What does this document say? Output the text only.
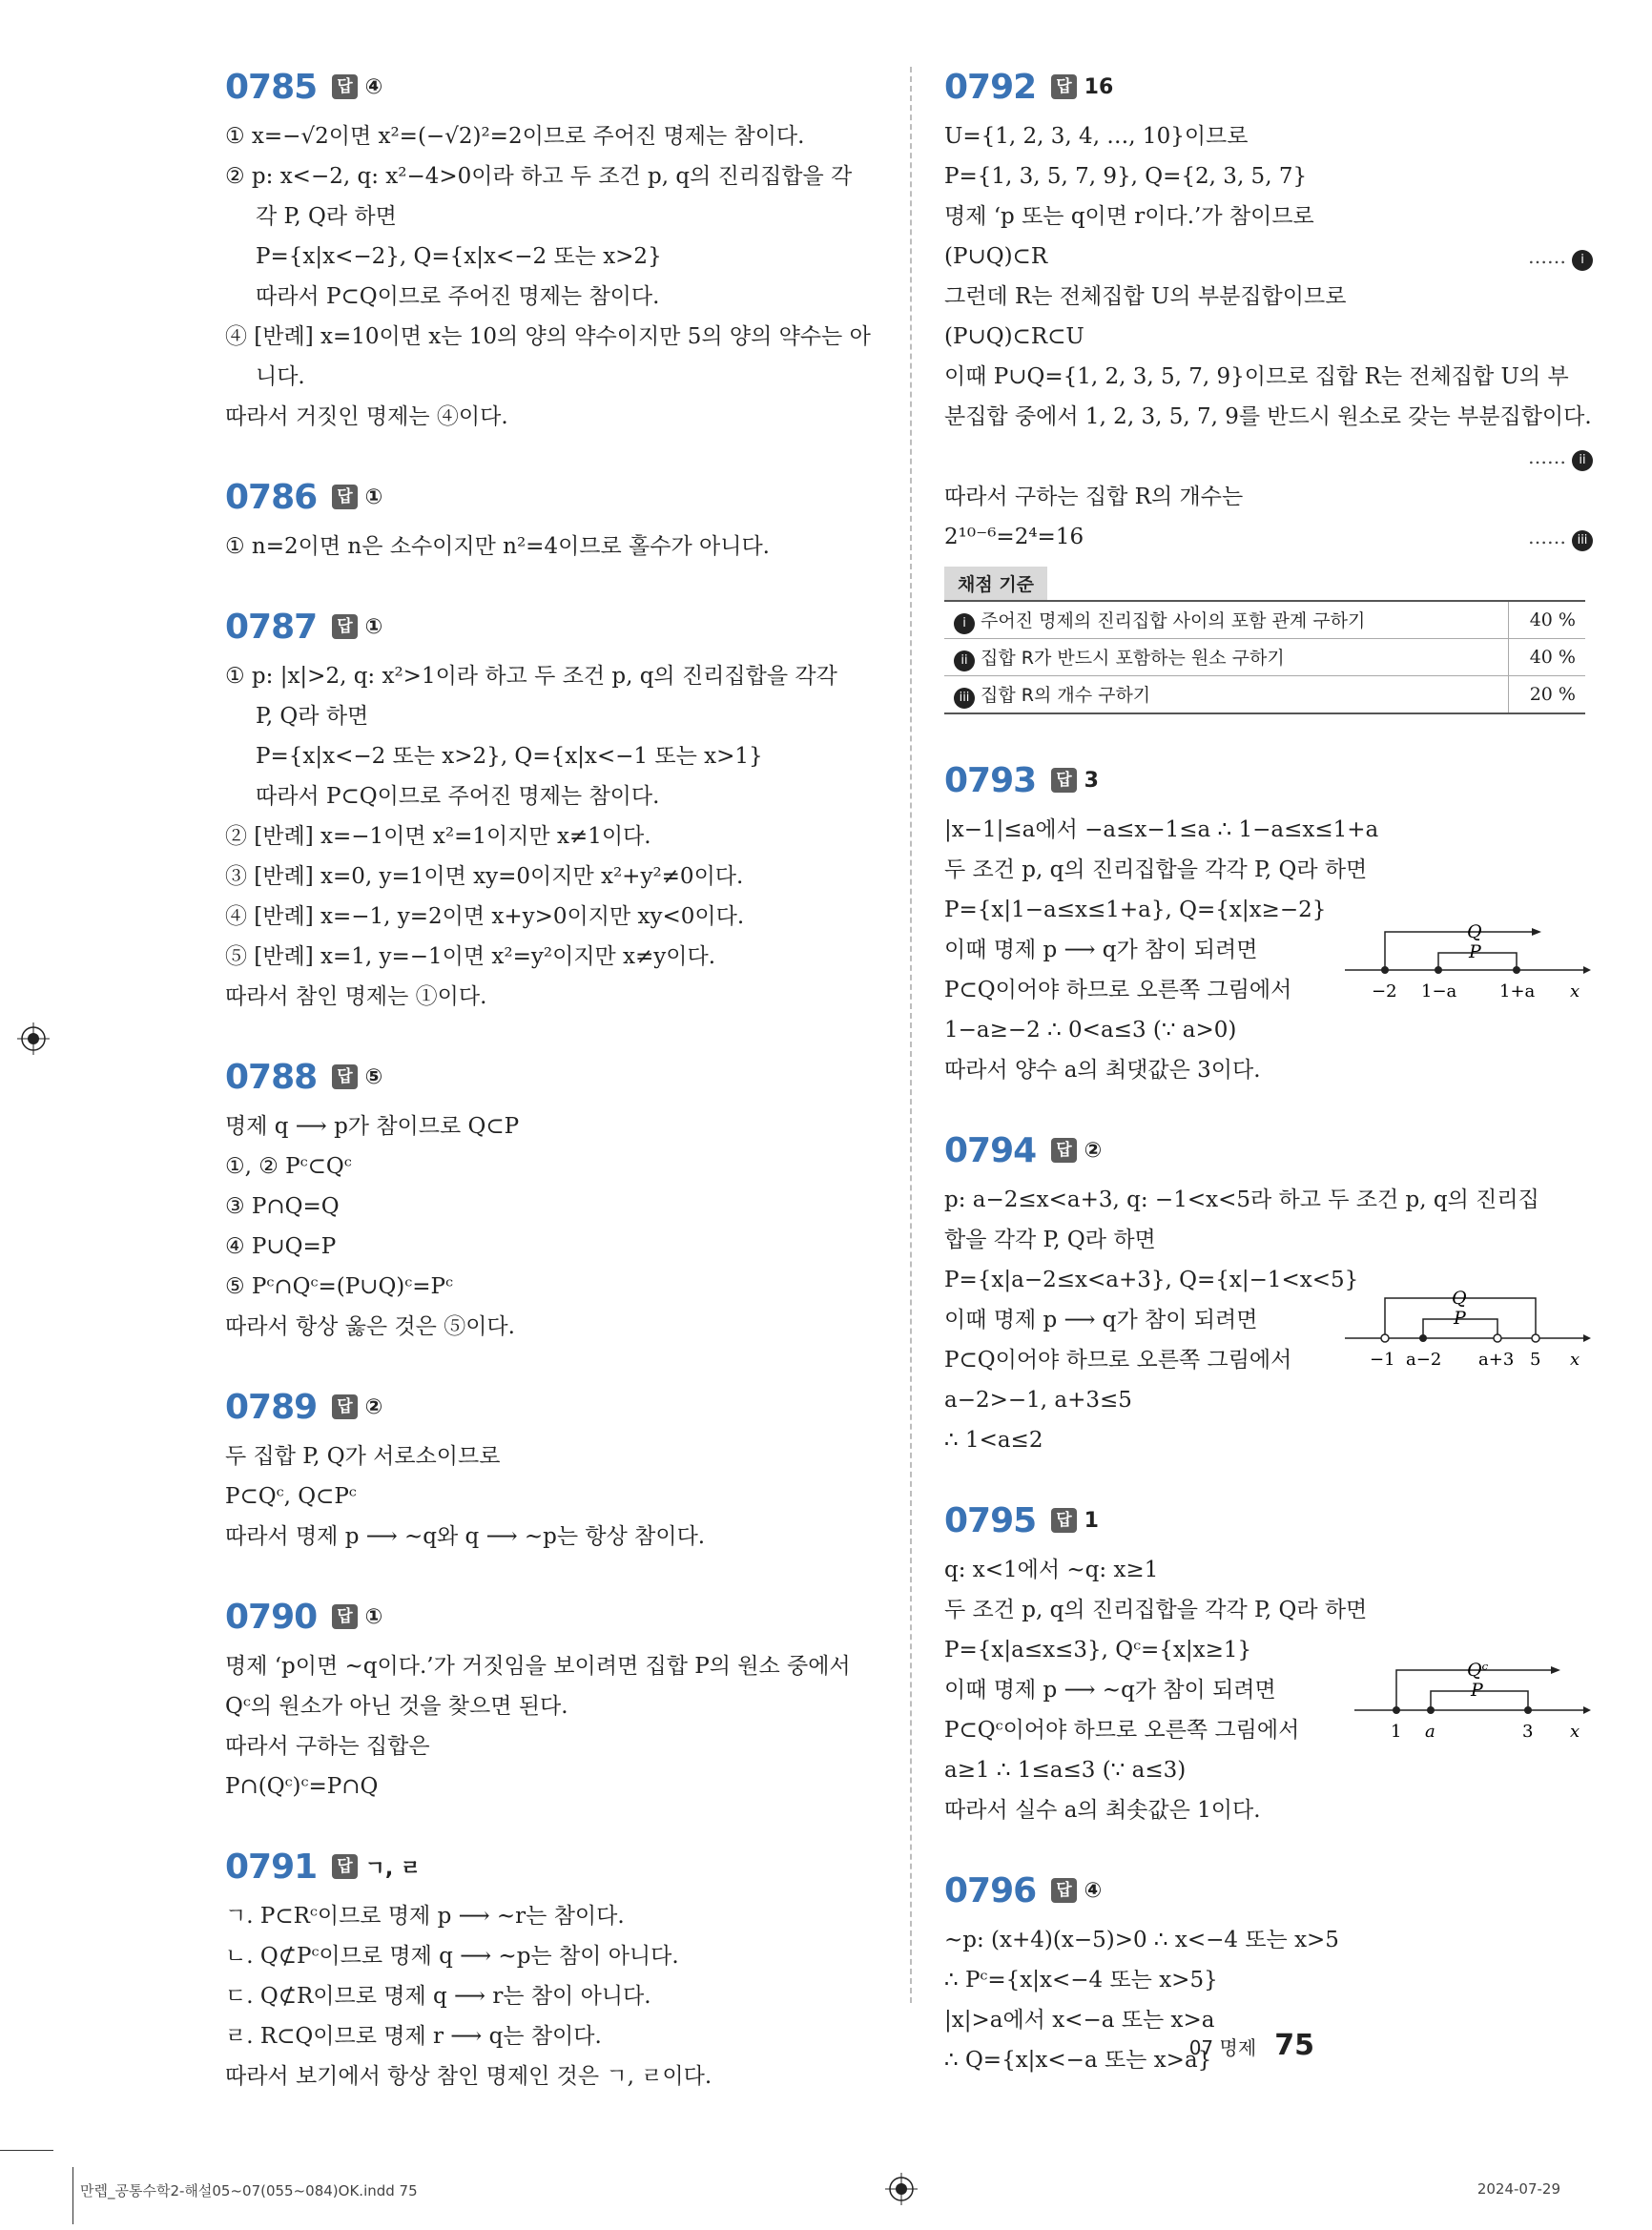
0785 답 ④
① x=−√2이면 x²=(−√2)²=2이므로 주어진 명제는 참이다.
② p: x<−2, q: x²−4>0이라 하고 두 조건 p, q의 진리집합을 각
각 P, Q라 하면
P={x|x<−2}, Q={x|x<−2 또는 x>2}
따라서 P⊂Q이므로 주어진 명제는 참이다.
④ [반례] x=10이면 x는 10의 양의 약수이지만 5의 양의 약수는 아
니다.
따라서 거짓인 명제는 ④이다.
0786 답 ①
① n=2이면 n은 소수이지만 n²=4이므로 홀수가 아니다.
0787 답 ①
① p: |x|>2, q: x²>1이라 하고 두 조건 p, q의 진리집합을 각각
P, Q라 하면
P={x|x<−2 또는 x>2}, Q={x|x<−1 또는 x>1}
따라서 P⊂Q이므로 주어진 명제는 참이다.
② [반례] x=−1이면 x²=1이지만 x≠1이다.
③ [반례] x=0, y=1이면 xy=0이지만 x²+y²≠0이다.
④ [반례] x=−1, y=2이면 x+y>0이지만 xy<0이다.
⑤ [반례] x=1, y=−1이면 x²=y²이지만 x≠y이다.
따라서 참인 명제는 ①이다.
0788 답 ⑤
명제 q ⟶ p가 참이므로 Q⊂P
①, ② Pᶜ⊂Qᶜ
③ P∩Q=Q
④ P∪Q=P
⑤ Pᶜ∩Qᶜ=(P∪Q)ᶜ=Pᶜ
따라서 항상 옳은 것은 ⑤이다.
0789 답 ②
두 집합 P, Q가 서로소이므로
P⊂Qᶜ, Q⊂Pᶜ
따라서 명제 p ⟶ ~q와 q ⟶ ~p는 항상 참이다.
0790 답 ①
명제 ‘p이면 ~q이다.’가 거짓임을 보이려면 집합 P의 원소 중에서
Qᶜ의 원소가 아닌 것을 찾으면 된다.
따라서 구하는 집합은
P∩(Qᶜ)ᶜ=P∩Q
0791 답 ㄱ, ㄹ
ㄱ. P⊂Rᶜ이므로 명제 p ⟶ ~r는 참이다.
ㄴ. Q⊄Pᶜ이므로 명제 q ⟶ ~p는 참이 아니다.
ㄷ. Q⊄R이므로 명제 q ⟶ r는 참이 아니다.
ㄹ. R⊂Q이므로 명제 r ⟶ q는 참이다.
따라서 보기에서 항상 참인 명제인 것은 ㄱ, ㄹ이다.
0792 답 16
U={1, 2, 3, 4, …, 10}이므로
P={1, 3, 5, 7, 9}, Q={2, 3, 5, 7}
명제 ‘p 또는 q이면 r이다.’가 참이므로
(P∪Q)⊂R	…… i
그런데 R는 전체집합 U의 부분집합이므로
(P∪Q)⊂R⊂U
이때 P∪Q={1, 2, 3, 5, 7, 9}이므로 집합 R는 전체집합 U의 부
분집합 중에서 1, 2, 3, 5, 7, 9를 반드시 원소로 갖는 부분집합이다.
…… ii
따라서 구하는 집합 R의 개수는
2¹⁰⁻⁶=2⁴=16	…… iii
채점 기준
i 주어진 명제의 진리집합 사이의 포함 관계 구하기	40 %
ii 집합 R가 반드시 포함하는 원소 구하기	40 %
iii 집합 R의 개수 구하기	20 %
0793 답 3
|x−1|≤a에서 −a≤x−1≤a ∴ 1−a≤x≤1+a
두 조건 p, q의 진리집합을 각각 P, Q라 하면
P={x|1−a≤x≤1+a}, Q={x|x≥−2}
이때 명제 p ⟶ q가 참이 되려면
P⊂Q이어야 하므로 오른쪽 그림에서
1−a≥−2 ∴ 0<a≤3 (∵ a>0)
따라서 양수 a의 최댓값은 3이다.
Q
P
−2 1−a 1+a x
0794 답 ②
p: a−2≤x<a+3, q: −1<x<5라 하고 두 조건 p, q의 진리집
합을 각각 P, Q라 하면
P={x|a−2≤x<a+3}, Q={x|−1<x<5}
이때 명제 p ⟶ q가 참이 되려면
P⊂Q이어야 하므로 오른쪽 그림에서
a−2>−1, a+3≤5
∴ 1<a≤2
Q
P
−1 a−2 a+3 5 x
0795 답 1
q: x<1에서 ~q: x≥1
두 조건 p, q의 진리집합을 각각 P, Q라 하면
P={x|a≤x≤3}, Qᶜ={x|x≥1}
이때 명제 p ⟶ ~q가 참이 되려면
P⊂Qᶜ이어야 하므로 오른쪽 그림에서
a≥1 ∴ 1≤a≤3 (∵ a≤3)
따라서 실수 a의 최솟값은 1이다.
Qᶜ
P
1 a	3 x
0796 답 ④
~p: (x+4)(x−5)>0 ∴ x<−4 또는 x>5
∴ Pᶜ={x|x<−4 또는 x>5}
|x|>a에서 x<−a 또는 x>a
∴ Q={x|x<−a 또는 x>a}
07 명제 75
만렙_공통수학2-해설05~07(055~084)OK.indd 75	2024-07-29
